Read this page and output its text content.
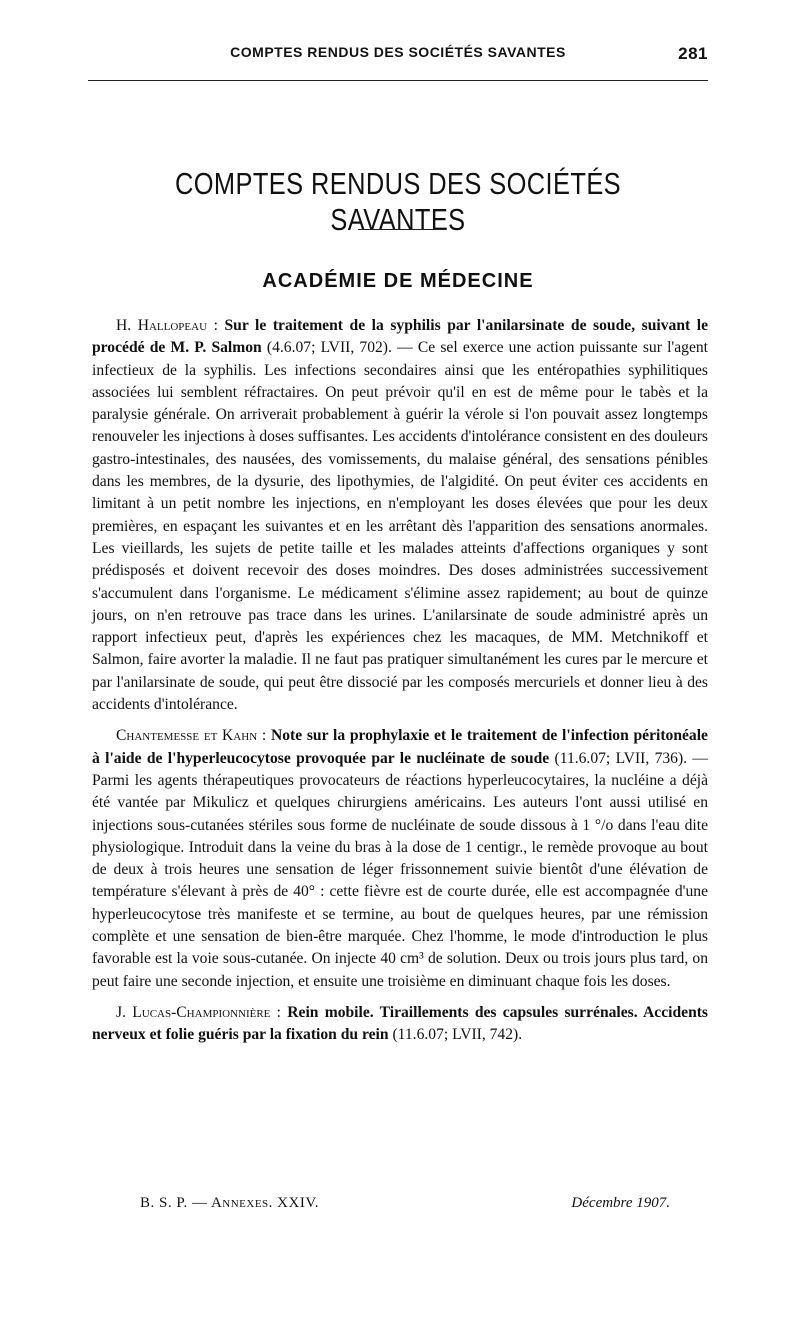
COMPTES RENDUS DES SOCIÉTÉS SAVANTES	281
COMPTES RENDUS DES SOCIÉTÉS SAVANTES
ACADÉMIE DE MÉDECINE

H. Hallopeau : Sur le traitement de la syphilis par l'anilarsinate de soude, suivant le procédé de M. P. Salmon (4.6.07; LVII, 702). — Ce sel exerce une action puissante sur l'agent infectieux de la syphilis. Les infections secondaires ainsi que les entéropathies syphilitiques associées lui semblent réfractaires. On peut prévoir qu'il en est de même pour le tabès et la paralysie générale. On arriverait probablement à guérir la vérole si l'on pouvait assez longtemps renouveler les injections à doses suffisantes. Les accidents d'intolérance consistent en des douleurs gastro-intestinales, des nausées, des vomissements, du malaise général, des sensations pénibles dans les membres, de la dysurie, des lipothymies, de l'algidité. On peut éviter ces accidents en limitant à un petit nombre les injections, en n'employant les doses élevées que pour les deux premières, en espaçant les suivantes et en les arrêtant dès l'apparition des sensations anormales. Les vieillards, les sujets de petite taille et les malades atteints d'affections organiques y sont prédisposés et doivent recevoir des doses moindres. Des doses administrées successivement s'accumulent dans l'organisme. Le médicament s'élimine assez rapidement; au bout de quinze jours, on n'en retrouve pas trace dans les urines. L'anilarsinate de soude administré après un rapport infectieux peut, d'après les expériences chez les macaques, de MM. Metchnikoff et Salmon, faire avorter la maladie. Il ne faut pas pratiquer simultanément les cures par le mercure et par l'anilarsinate de soude, qui peut être dissocié par les composés mercuriels et donner lieu à des accidents d'intolérance.

Chantemesse et Kahn : Note sur la prophylaxie et le traitement de l'infection péritonéale à l'aide de l'hyperleucocytose provoquée par le nucléinate de soude (11.6.07; LVII, 736). — Parmi les agents thérapeutiques provocateurs de réactions hyperleucocytaires, la nucléine a déjà été vantée par Mikulicz et quelques chirurgiens américains. Les auteurs l'ont aussi utilisé en injections sous-cutanées stériles sous forme de nucléinate de soude dissous à 1 °/o dans l'eau dite physiologique. Introduit dans la veine du bras à la dose de 1 centigr., le remède provoque au bout de deux à trois heures une sensation de léger frissonnement suivie bientôt d'une élévation de température s'élevant à près de 40° : cette fièvre est de courte durée, elle est accompagnée d'une hyperleucocytose très manifeste et se termine, au bout de quelques heures, par une rémission complète et une sensation de bien-être marquée. Chez l'homme, le mode d'introduction le plus favorable est la voie sous-cutanée. On injecte 40 cm³ de solution. Deux ou trois jours plus tard, on peut faire une seconde injection, et ensuite une troisième en diminuant chaque fois les doses.

J. Lucas-Championnière : Rein mobile. Tiraillements des capsules surrénales. Accidents nerveux et folie guéris par la fixation du rein (11.6.07; LVII, 742).

B. S. P. — Annexes. XXIV.	Décembre 1907.
